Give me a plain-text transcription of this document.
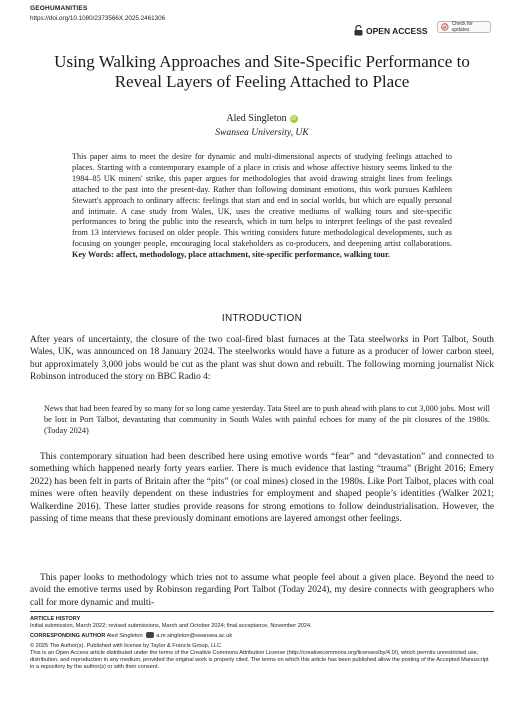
GEOHUMANITIES
https://doi.org/10.1080/2373566X.2025.2461306
OPEN ACCESS
Check for updates
Using Walking Approaches and Site-Specific Performance to Reveal Layers of Feeling Attached to Place
Aled Singleton iD
Swansea University, UK
This paper aims to meet the desire for dynamic and multi-dimensional aspects of studying feelings attached to places. Starting with a contemporary example of a place in crisis and whose affective history seems linked to the 1984–85 UK miners' strike, this paper argues for methodologies that avoid drawing straight lines from feelings attached to the past into the present-day. Rather than following dominant emotions, this work pursues Kathleen Stewart's approach to ordinary affects: feelings that start and end in social worlds, but which are equally personal and intimate. A case study from Wales, UK, uses the creative mediums of walking tours and site-specific performances to bring the public into the research, which in turn helps to interpret feelings of the past revealed from 13 interviews focused on older people. This writing considers future methodological developments, such as focusing on younger people, encouraging local stakeholders as co-producers, and deepening artist collaborations. Key Words: affect, methodology, place attachment, site-specific performance, walking tour.
INTRODUCTION
After years of uncertainty, the closure of the two coal-fired blast furnaces at the Tata steelworks in Port Talbot, South Wales, UK, was announced on 18 January 2024. The steelworks would have a future as a producer of lower carbon steel, but approximately 3,000 jobs would be cut as the plant was shut down and rebuilt. The following morning journalist Nick Robinson introduced the story on BBC Radio 4:
News that had been feared by so many for so long came yesterday. Tata Steel are to push ahead with plans to cut 3,000 jobs. Most will be lost in Port Talbot, devastating that community in South Wales with painful echoes for many of the pit closures of the 1980s. (Today 2024)
This contemporary situation had been described here using emotive words “fear” and “devastation” and connected to something which happened nearly forty years earlier. There is much evidence that lasting “trauma” (Bright 2016; Emery 2022) has been felt in parts of Britain after the “pits” (or coal mines) closed in the 1980s. Like Port Talbot, places with coal mines were often heavily dependent on these industries for employment and shaped people’s identities (Walker 2021; Walkerdine 2016). These latter studies provide reasons for strong emotions to follow deindustrialisation. However, the passing of time means that these previously dominant emotions are layered amongst other feelings.
This paper looks to methodology which tries not to assume what people feel about a given place. Beyond the need to avoid the emotive terms used by Robinson regarding Port Talbot (Today 2024), my desire connects with geographers who call for more dynamic and multi-
ARTICLE HISTORY
Initial submission, March 2022; revised submissions, March and October 2024; final acceptance, November 2024.
CORRESPONDING AUTHOR Aled Singleton a.m.singleton@swansea.ac.uk
© 2025 The Author(s). Published with license by Taylor & Francis Group, LLC
This is an Open Access article distributed under the terms of the Creative Commons Attribution License (http://creativecommons.org/licenses/by/4.0/), which permits unrestricted use, distribution, and reproduction in any medium, provided the original work is properly cited. The terms on which this article has been published allow the posting of the Accepted Manuscript in a repository by the author(s) or with their consent.
